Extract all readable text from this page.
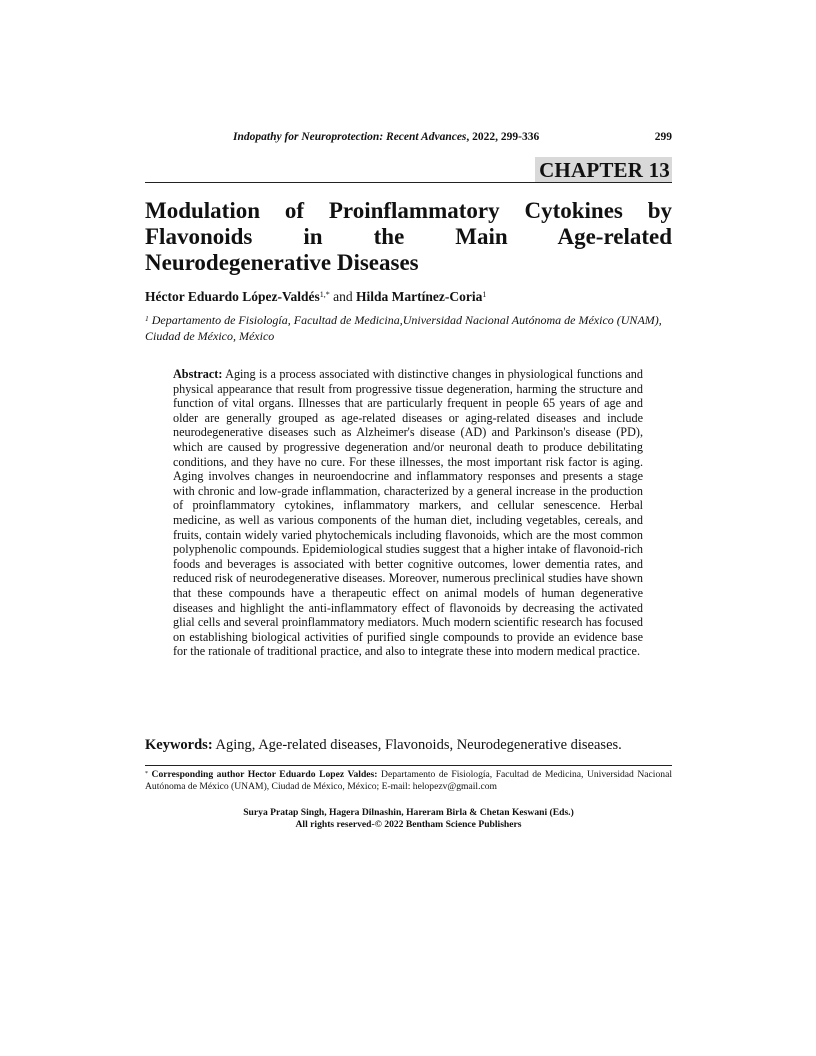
Indopathy for Neuroprotection: Recent Advances, 2022, 299-336	299
CHAPTER 13
Modulation of Proinflammatory Cytokines by
Flavonoids in the Main Age-related
Neurodegenerative Diseases
Héctor Eduardo López-Valdés$^{1,*}$ and Hilda Martínez-Coria$^1$
$^1$ Departamento de Fisiología, Facultad de Medicina,Universidad Nacional Autónoma de México (UNAM), Ciudad de México, México
Abstract: Aging is a process associated with distinctive changes in physiological functions and physical appearance that result from progressive tissue degeneration, harming the structure and function of vital organs. Illnesses that are particularly frequent in people 65 years of age and older are generally grouped as age-related diseases or aging-related diseases and include neurodegenerative diseases such as Alzheimer's disease (AD) and Parkinson's disease (PD), which are caused by progressive degeneration and/or neuronal death to produce debilitating conditions, and they have no cure. For these illnesses, the most important risk factor is aging. Aging involves changes in neuroendocrine and inflammatory responses and presents a stage with chronic and low-grade inflammation, characterized by a general increase in the production of proinflammatory cytokines, inflammatory markers, and cellular senescence. Herbal medicine, as well as various components of the human diet, including vegetables, cereals, and fruits, contain widely varied phytochemicals including flavonoids, which are the most common polyphenolic compounds. Epidemiological studies suggest that a higher intake of flavonoid-rich foods and beverages is associated with better cognitive outcomes, lower dementia rates, and reduced risk of neurodegenerative diseases. Moreover, numerous preclinical studies have shown that these compounds have a therapeutic effect on animal models of human degenerative diseases and highlight the anti-inflammatory effect of flavonoids by decreasing the activated glial cells and several proinflammatory mediators. Much modern scientific research has focused on establishing biological activities of purified single compounds to provide an evidence base for the rationale of traditional practice, and also to integrate these into modern medical practice.
Keywords: Aging, Age-related diseases, Flavonoids, Neurodegenerative diseases.
* Corresponding author Hector Eduardo Lopez Valdes: Departamento de Fisiología, Facultad de Medicina, Universidad Nacional Autónoma de México (UNAM), Ciudad de México, México; E-mail: helopezv@gmail.com
Surya Pratap Singh, Hagera Dilnashin, Hareram Birla & Chetan Keswani (Eds.)
All rights reserved-© 2022 Bentham Science Publishers
